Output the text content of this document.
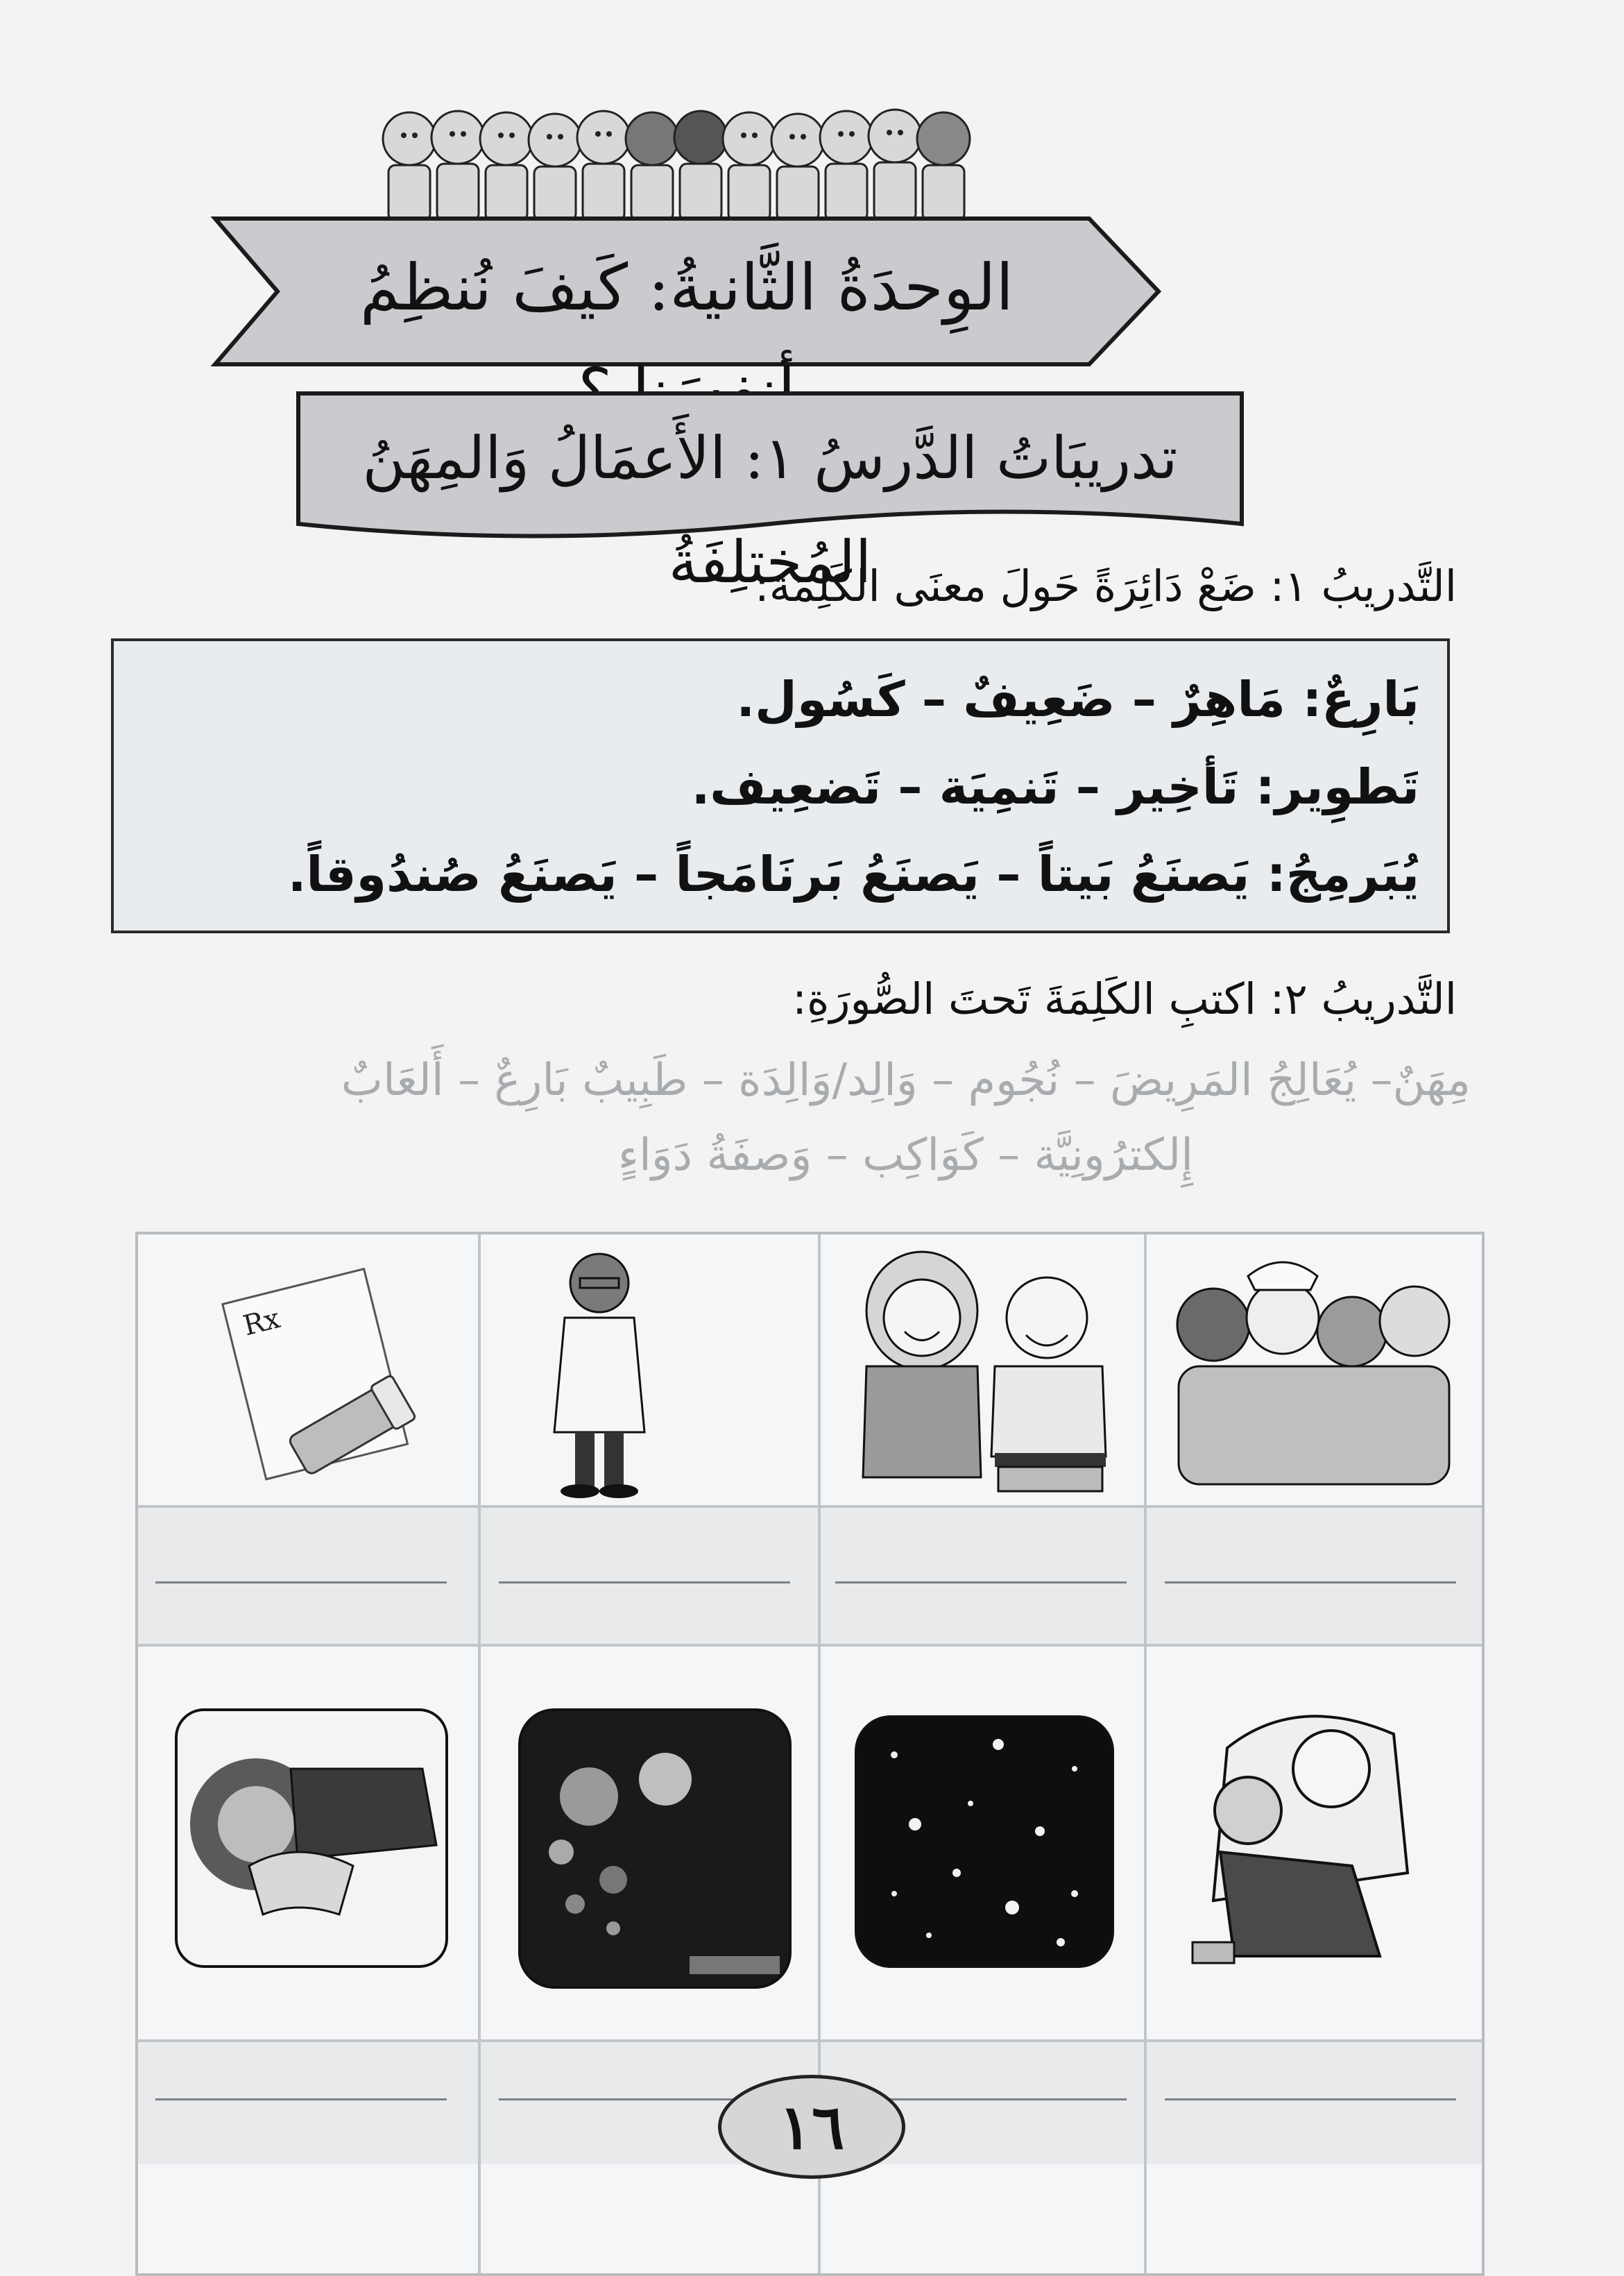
الوِحدَةُ الثَّانيةُ: كَيفَ نُنظِمُ
تدريبَاتُ الدَّرسُ ١: الأَعمَالُ وَالمِهَنُ المُختلِفَةُ
التَّدريبُ ١: ضَعْ دَائِرَةً حَولَ معنَى الكَلِمَة:
بَارِعٌ: مَاهِرٌ – ضَعِيفٌ – كَسُول.
تَطوِير: تَأخِير – تَنمِيَة – تَضعِيف.
يُبَرمِجُ: يَصنَعُ بَيتاً – يَصنَعُ بَرنَامَجاً – يَصنَعُ صُندُوقاً.
التَّدريبُ ٢: اكتبِ الكَلِمَةَ تَحتَ الصُّورَةِ:
مِهَنٌ– يُعَالِجُ المَرِيضَ – نُجُوم – وَالِد/وَالِدَة – طَبِيبٌ بَارِعٌ – أَلعَابٌ
إِلكترُونِيَّة – كَوَاكِب – وَصفَةُ دَوَاءٍ
Rx
١٦
